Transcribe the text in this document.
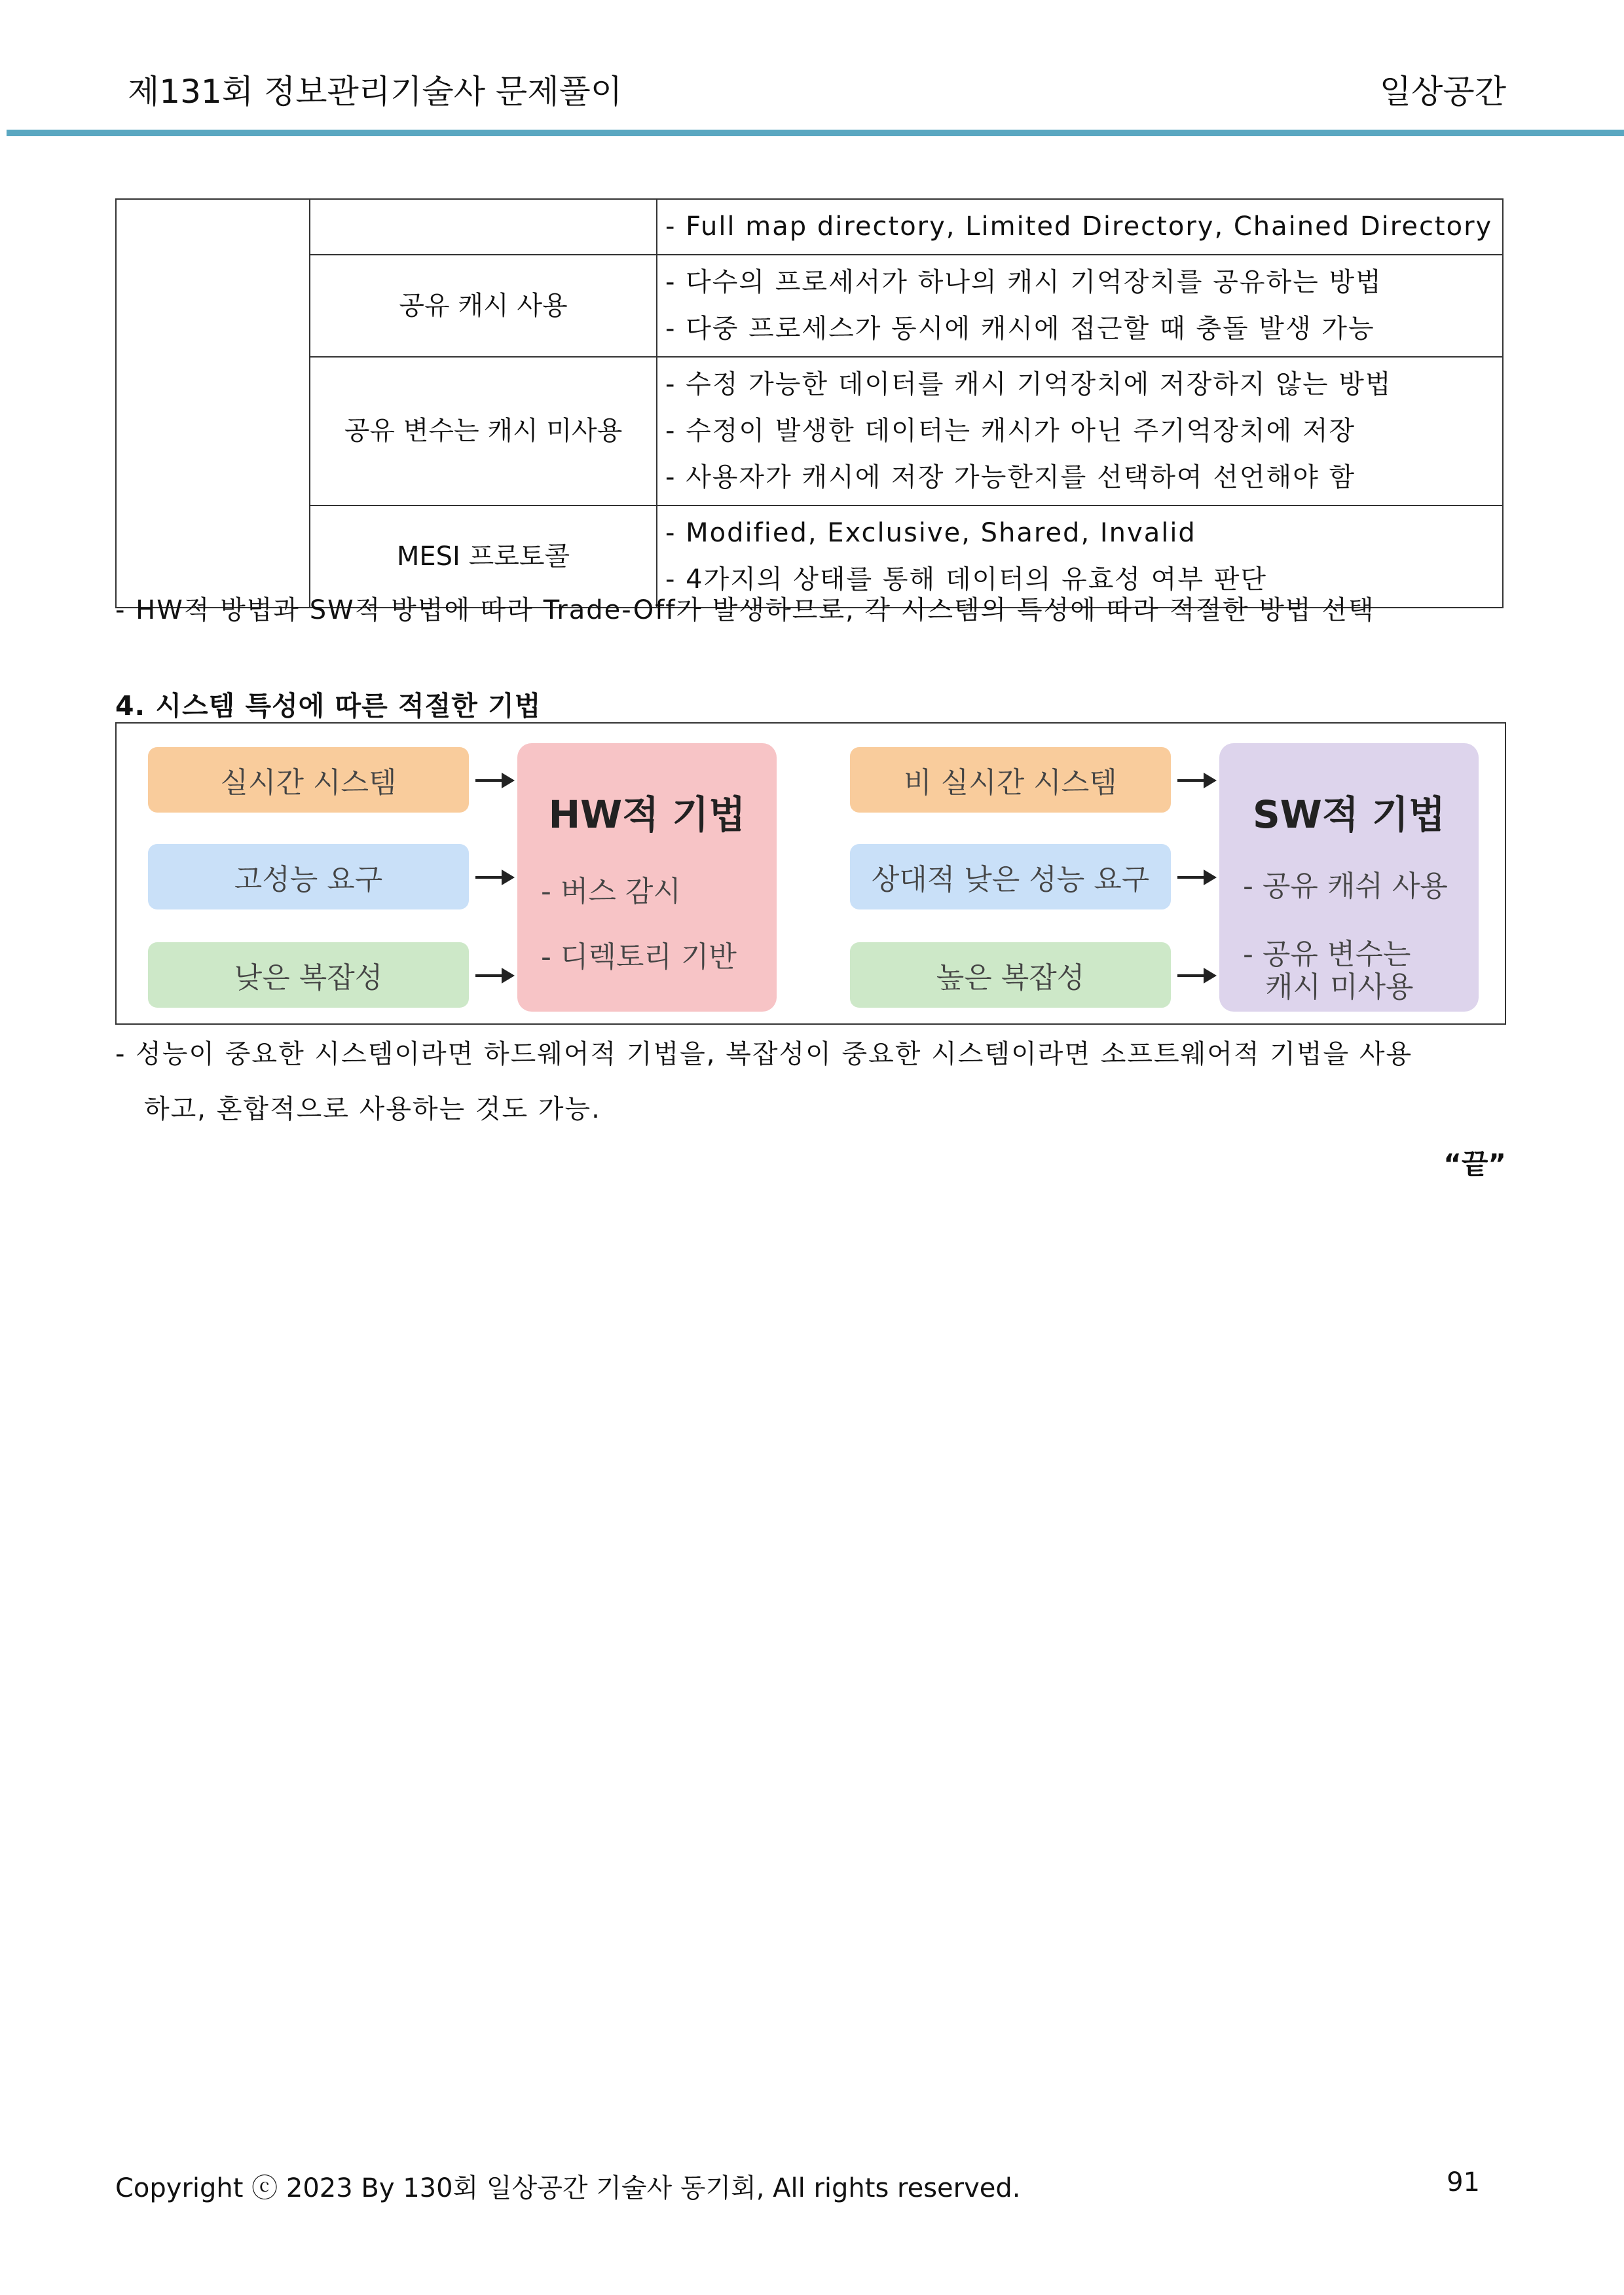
제131회 정보관리기술사 문제풀이	일상공간

		- Full map directory, Limited Directory, Chained Directory

	공유 캐시 사용	- 다수의 프로세서가 하나의 캐시 기억장치를 공유하는 방법
- 다중 프로세스가 동시에 캐시에 접근할 때 충돌 발생 가능

	공유 변수는 캐시 미사용	- 수정 가능한 데이터를 캐시 기억장치에 저장하지 않는 방법
- 수정이 발생한 데이터는 캐시가 아닌 주기억장치에 저장
- 사용자가 캐시에 저장 가능한지를 선택하여 선언해야 함

	MESI 프로토콜	- Modified, Exclusive, Shared, Invalid
- 4가지의 상태를 통해 데이터의 유효성 여부 판단
- HW적 방법과 SW적 방법에 따라 Trade-Off가 발생하므로, 각 시스템의 특성에 따라 적절한 방법 선택
4. 시스템 특성에 따른 적절한 기법
실시간 시스템
고성능 요구
낮은 복잡성
HW적 기법
- 버스 감시
- 디렉토리 기반
비 실시간 시스템
상대적 낮은 성능 요구
높은 복잡성
SW적 기법
- 공유 캐쉬 사용
- 공유 변수는
캐시 미사용
- 성능이 중요한 시스템이라면 하드웨어적 기법을, 복잡성이 중요한 시스템이라면 소프트웨어적 기법을 사용
하고, 혼합적으로 사용하는 것도 가능.
“끝”
Copyright ⓒ 2023 By 130회 일상공간 기술사 동기회, All rights reserved.	91
